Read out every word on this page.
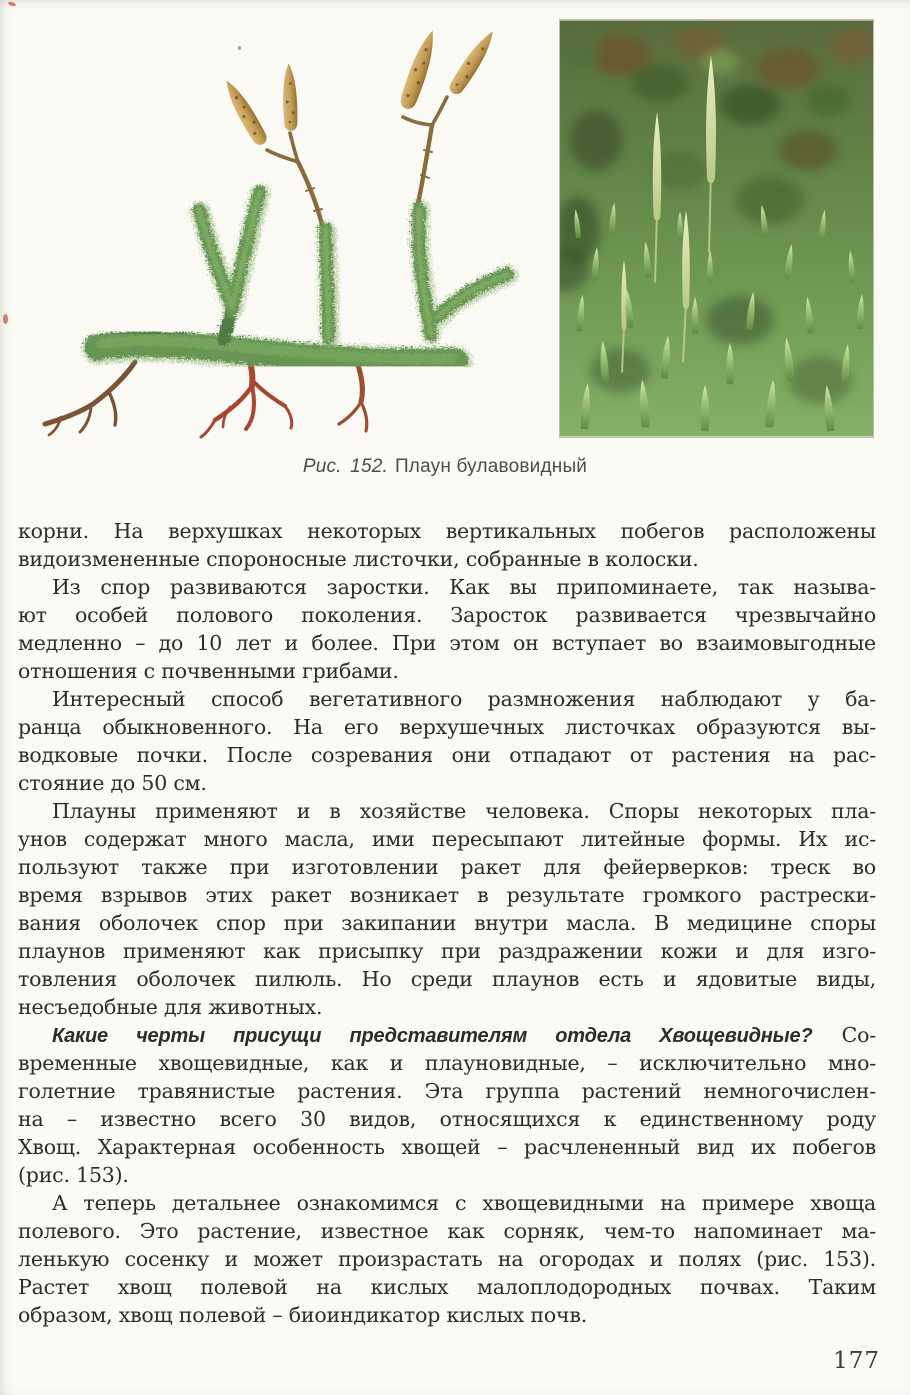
Рис. 152. Плаун булавовидный
корни. На верхушках некоторых вертикальных побегов расположены
видоизмененные спороносные листочки, собранные в колоски.
Из спор развиваются заростки. Как вы припоминаете, так называ-
ют особей полового поколения. Заросток развивается чрезвычайно
медленно – до 10 лет и более. При этом он вступает во взаимовыгодные
отношения с почвенными грибами.
Интересный способ вегетативного размножения наблюдают у ба-
ранца обыкновенного. На его верхушечных листочках образуются вы-
водковые почки. После созревания они отпадают от растения на рас-
стояние до 50 см.
Плауны применяют и в хозяйстве человека. Споры некоторых пла-
унов содержат много масла, ими пересыпают литейные формы. Их ис-
пользуют также при изготовлении ракет для фейерверков: треск во
время взрывов этих ракет возникает в результате громкого растрески-
вания оболочек спор при закипании внутри масла. В медицине споры
плаунов применяют как присыпку при раздражении кожи и для изго-
товления оболочек пилюль. Но среди плаунов есть и ядовитые виды,
несъедобные для животных.
Какие черты присущи представителям отдела Хвощевидные? Со-
временные хвощевидные, как и плауновидные, – исключительно мно-
голетние травянистые растения. Эта группа растений немногочислен-
на – известно всего 30 видов, относящихся к единственному роду
Хвощ. Характерная особенность хвощей – расчлененный вид их побегов
(рис. 153).
А теперь детальнее ознакомимся с хвощевидными на примере хвоща
полевого. Это растение, известное как сорняк, чем-то напоминает ма-
ленькую сосенку и может произрастать на огородах и полях (рис. 153).
Растет хвощ полевой на кислых малоплодородных почвах. Таким
образом, хвощ полевой – биоиндикатор кислых почв.
177
